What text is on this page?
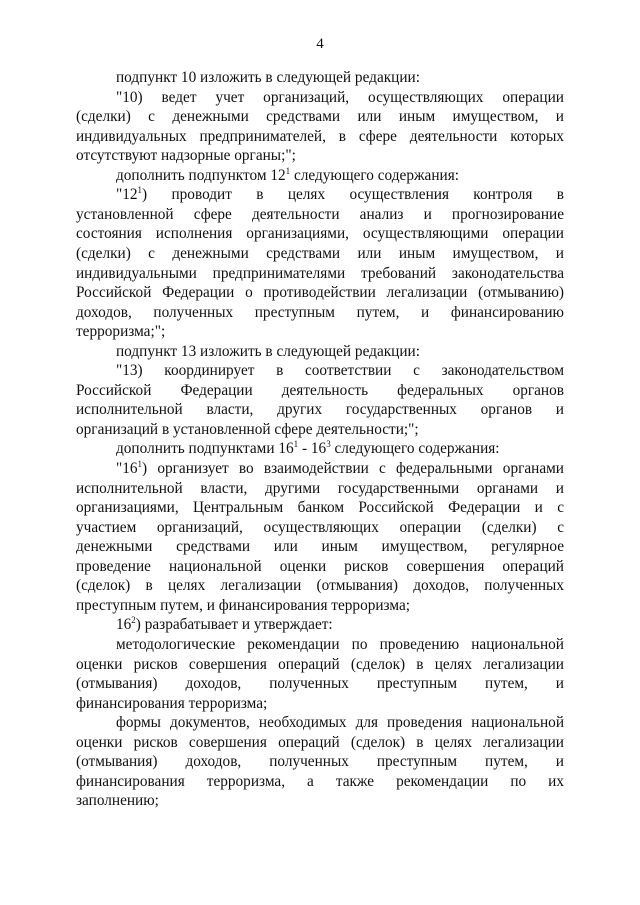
4
подпункт 10 изложить в следующей редакции:
"10) ведет учет организаций, осуществляющих операции
(сделки) с денежными средствами или иным имуществом, и
индивидуальных предпринимателей, в сфере деятельности которых
отсутствуют надзорные органы;";
дополнить подпунктом $12^1$ следующего содержания:
"$12^1$) проводит в целях осуществления контроля в
установленной сфере деятельности анализ и прогнозирование
состояния исполнения организациями, осуществляющими операции
(сделки) с денежными средствами или иным имуществом, и
индивидуальными предпринимателями требований законодательства
Российской Федерации о противодействии легализации (отмыванию)
доходов, полученных преступным путем, и финансированию
терроризма;";
подпункт 13 изложить в следующей редакции:
"13) координирует в соответствии с законодательством
Российской Федерации деятельность федеральных органов
исполнительной власти, других государственных органов и
организаций в установленной сфере деятельности;";
дополнить подпунктами $16^1 - 16^3$ следующего содержания:
"$16^1$) организует во взаимодействии с федеральными органами
исполнительной власти, другими государственными органами и
организациями, Центральным банком Российской Федерации и с
участием организаций, осуществляющих операции (сделки) с
денежными средствами или иным имуществом, регулярное
проведение национальной оценки рисков совершения операций
(сделок) в целях легализации (отмывания) доходов, полученных
преступным путем, и финансирования терроризма;
$16^2$) разрабатывает и утверждает:
методологические рекомендации по проведению национальной
оценки рисков совершения операций (сделок) в целях легализации
(отмывания) доходов, полученных преступным путем, и
финансирования терроризма;
формы документов, необходимых для проведения национальной
оценки рисков совершения операций (сделок) в целях легализации
(отмывания) доходов, полученных преступным путем, и
финансирования терроризма, а также рекомендации по их
заполнению;
